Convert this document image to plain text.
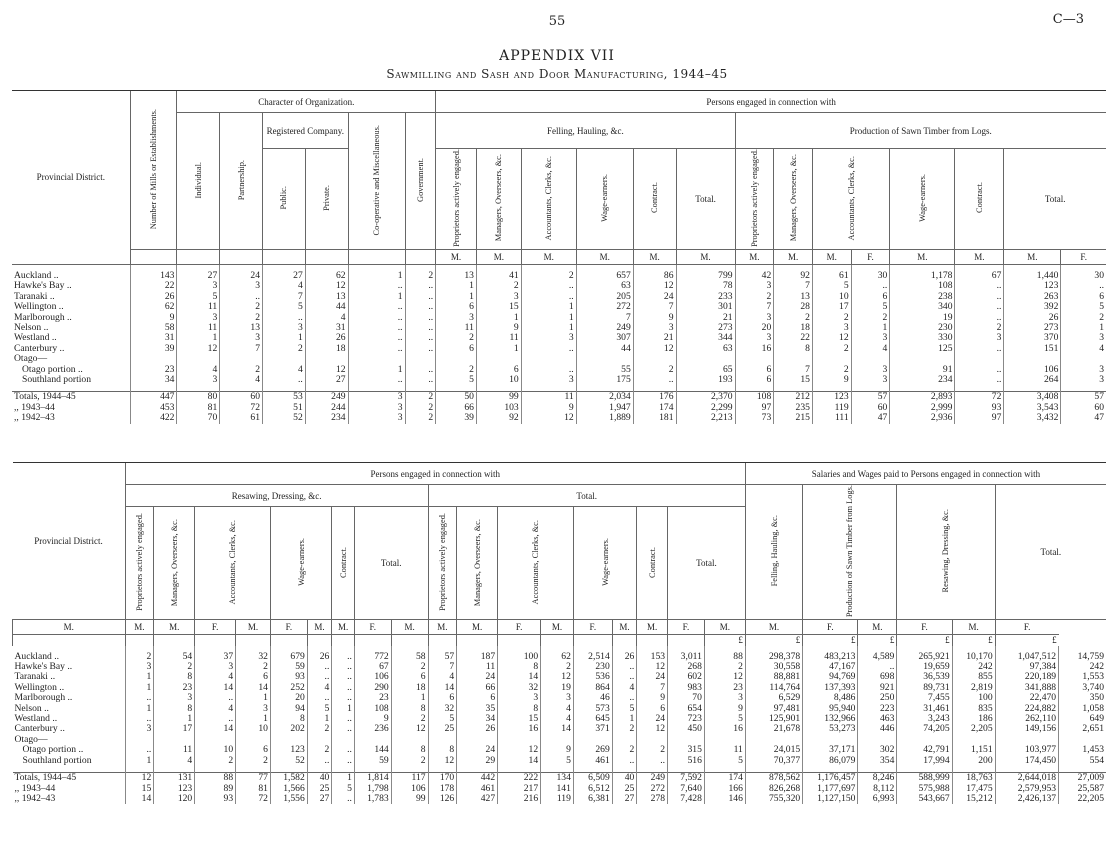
55	C—3
APPENDIX VII
Sawmilling and Sash and Door Manufacturing, 1944–45
Provincial District.	Number of Mills or Establishments.	Character of Organization.						Persons engaged in connection with													
		Individual.	Partnership.	Registered Company.		Co-operative and Miscellaneous.	Government.	Felling, Hauling, &c.						Production of Sawn Timber from Logs.							
				Public.	Private.			Proprietors actively engaged.	Managers, Overseers, &c.	Accountants, Clerks, &c.	Wage-earners.	Contract.	Total.	Proprietors actively engaged.	Managers, Overseers, &c.	Accountants, Clerks, &c.		Wage-earners.	Contract.	Total.	
								M.	M.	M.	M.	M.	M.	M.	M.	M.	F.	M.	M.	M.	F.

Auckland ..	143	27	24	27	62	1	2	13	41	2	657	86	799	42	92	61	30	1,178	67	1,440	30
Hawke's Bay ..	22	3	3	4	12	..	..	1	2	..	63	12	78	3	7	5	..	108	..	123	..
Taranaki ..	26	5	..	7	13	1	..	1	3	..	205	24	233	2	13	10	6	238	..	263	6
Wellington ..	62	11	2	5	44	..	..	6	15	1	272	7	301	7	28	17	5	340	..	392	5
Marlborough ..	9	3	2	..	4	..	..	3	1	1	7	9	21	3	2	2	2	19	..	26	2
Nelson ..	58	11	13	3	31	..	..	11	9	1	249	3	273	20	18	3	1	230	2	273	1
Westland ..	31	1	3	1	26	..	..	2	11	3	307	21	344	3	22	12	3	330	3	370	3
Canterbury ..	39	12	7	2	18	..	..	6	1	..	44	12	63	16	8	2	4	125	..	151	4
Otago—																					
Otago portion ..	23	4	2	4	12	1	..	2	6	..	55	2	65	6	7	2	3	91	..	106	3
Southland portion	34	3	4	..	27	..	..	5	10	3	175	..	193	6	15	9	3	234	..	264	3

Totals, 1944–45	447	80	60	53	249	3	2	50	99	11	2,034	176	2,370	108	212	123	57	2,893	72	3,408	57
,, 1943–44	453	81	72	51	244	3	2	66	103	9	1,947	174	2,299	97	235	119	60	2,999	93	3,543	60
,, 1942–43	422	70	61	52	234	3	2	39	92	12	1,889	181	2,213	73	215	111	47	2,936	97	3,432	47
Provincial District.	Persons engaged in connection with																		Salaries and Wages paid to Persons engaged in connection with						
	Resawing, Dressing, &c.									Total.									Felling, Hauling, &c.	Production of Sawn Timber from Logs.		Resawing, Dressing, &c.		Total.	
	Proprietors actively engaged.	Managers, Overseers, &c.	Accountants, Clerks, &c.		Wage-earners.		Contract.	Total.		Proprietors actively engaged.	Managers, Overseers, &c.	Accountants, Clerks, &c.		Wage-earners.		Contract.	Total.								
M.	M.	M.	F.	M.	F.	M.	M.	F.	M.	M.	M.	F.	M.	F.	M.	M.	F.	M.	M.	F.	M.	F.	M.	F.	
																		£	£	£	£	£	£	£	

Auckland ..	2	54	37	32	679	26	..	772	58	57	187	100	62	2,514	26	153	3,011	88	298,378	483,213	4,589	265,921	10,170	1,047,512	14,759
Hawke's Bay ..	3	2	3	2	59	..	..	67	2	7	11	8	2	230	..	12	268	2	30,558	47,167	..	19,659	242	97,384	242
Taranaki ..	1	8	4	6	93	..	..	106	6	4	24	14	12	536	..	24	602	12	88,881	94,769	698	36,539	855	220,189	1,553
Wellington ..	1	23	14	14	252	4	..	290	18	14	66	32	19	864	4	7	983	23	114,764	137,393	921	89,731	2,819	341,888	3,740
Marlborough ..	..	3	..	1	20	..	..	23	1	6	6	3	3	46	..	9	70	3	6,529	8,486	250	7,455	100	22,470	350
Nelson ..	1	8	4	3	94	5	1	108	8	32	35	8	4	573	5	6	654	9	97,481	95,940	223	31,461	835	224,882	1,058
Westland ..	..	1	..	1	8	1	..	9	2	5	34	15	4	645	1	24	723	5	125,901	132,966	463	3,243	186	262,110	649
Canterbury ..	3	17	14	10	202	2	..	236	12	25	26	16	14	371	2	12	450	16	21,678	53,273	446	74,205	2,205	149,156	2,651
Otago—																									
Otago portion ..	..	11	10	6	123	2	..	144	8	8	24	12	9	269	2	2	315	11	24,015	37,171	302	42,791	1,151	103,977	1,453
Southland portion	1	4	2	2	52	..	..	59	2	12	29	14	5	461	..	..	516	5	70,377	86,079	354	17,994	200	174,450	554

Totals, 1944–45	12	131	88	77	1,582	40	1	1,814	117	170	442	222	134	6,509	40	249	7,592	174	878,562	1,176,457	8,246	588,999	18,763	2,644,018	27,009
,, 1943–44	15	123	89	81	1,566	25	5	1,798	106	178	461	217	141	6,512	25	272	7,640	166	826,268	1,177,697	8,112	575,988	17,475	2,579,953	25,587
,, 1942–43	14	120	93	72	1,556	27	..	1,783	99	126	427	216	119	6,381	27	278	7,428	146	755,320	1,127,150	6,993	543,667	15,212	2,426,137	22,205
